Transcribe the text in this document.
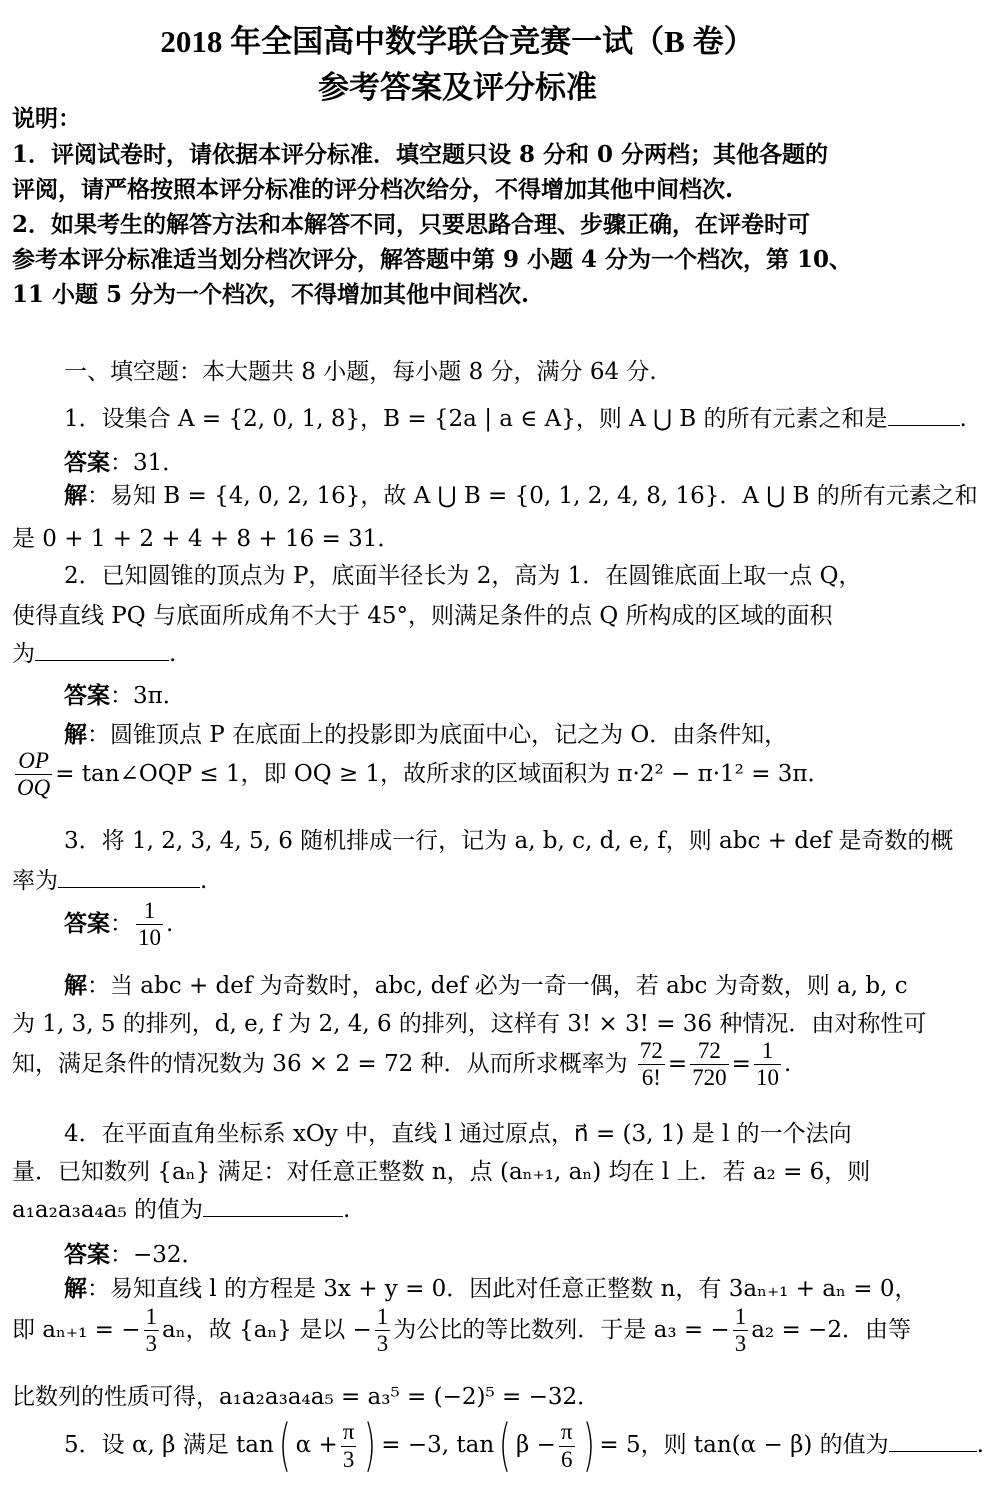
2018 年全国高中数学联合竞赛一试（B 卷）
参考答案及评分标准
说明：
1．评阅试卷时，请依据本评分标准．填空题只设 8 分和 0 分两档；其他各题的
评阅，请严格按照本评分标准的评分档次给分，不得增加其他中间档次.
2．如果考生的解答方法和本解答不同，只要思路合理、步骤正确，在评卷时可
参考本评分标准适当划分档次评分，解答题中第 9 小题 4 分为一个档次，第 10、
11 小题 5 分为一个档次，不得增加其他中间档次.
一、填空题：本大题共 8 小题，每小题 8 分，满分 64 分.
1．设集合 A = {2, 0, 1, 8}，B = {2a | a ∈ A}，则 A ⋃ B 的所有元素之和是	.
答案：31．
解：易知 B = {4, 0, 2, 16}，故 A ⋃ B = {0, 1, 2, 4, 8, 16}．A ⋃ B 的所有元素之和
是 0 + 1 + 2 + 4 + 8 + 16 = 31．
2．已知圆锥的顶点为 P，底面半径长为 2，高为 1．在圆锥底面上取一点 Q，
使得直线 PQ 与底面所成角不大于 45°，则满足条件的点 Q 所构成的区域的面积
为	.
答案：3π．
解：圆锥顶点 P 在底面上的投影即为底面中心，记之为 O．由条件知，
$\frac{OP}{OQ}$ = tan∠OQP ≤ 1，即 OQ ≥ 1，故所求的区域面积为 π·2² − π·1² = 3π．
3．将 1, 2, 3, 4, 5, 6 随机排成一行，记为 a, b, c, d, e, f，则 abc + def 是奇数的概
率为	.
答案： $\frac{1}{10}$ .
解：当 abc + def 为奇数时，abc, def 必为一奇一偶，若 abc 为奇数，则 a, b, c
为 1, 3, 5 的排列，d, e, f 为 2, 4, 6 的排列，这样有 3! × 3! = 36 种情况．由对称性可
知，满足条件的情况数为 36 × 2 = 72 种．从而所求概率为 $\frac{72}{6!} = \frac{72}{720} = \frac{1}{10}$ .
4．在平面直角坐标系 xOy 中，直线 l 通过原点，n⃗ = (3, 1) 是 l 的一个法向
量．已知数列 {aₙ} 满足：对任意正整数 n，点 (aₙ₊₁, aₙ) 均在 l 上．若 a₂ = 6，则
a₁a₂a₃a₄a₅ 的值为	.
答案：−32．
解：易知直线 l 的方程是 3x + y = 0．因此对任意正整数 n，有 3aₙ₊₁ + aₙ = 0，
即 aₙ₊₁ = − $\frac{1}{3}$ aₙ，故 {aₙ} 是以 − $\frac{1}{3}$ 为公比的等比数列．于是 a₃ = − $\frac{1}{3} a_2 = -2$．由等
比数列的性质可得，a₁a₂a₃a₄a₅ = a₃⁵ = (−2)⁵ = −32．
5．设 α, β 满足 tan( $\alpha + \frac{\pi}{3}$ ) = −3, tan( $\beta - \frac{\pi}{6}$ ) = 5，则 tan(α − β) 的值为	.
